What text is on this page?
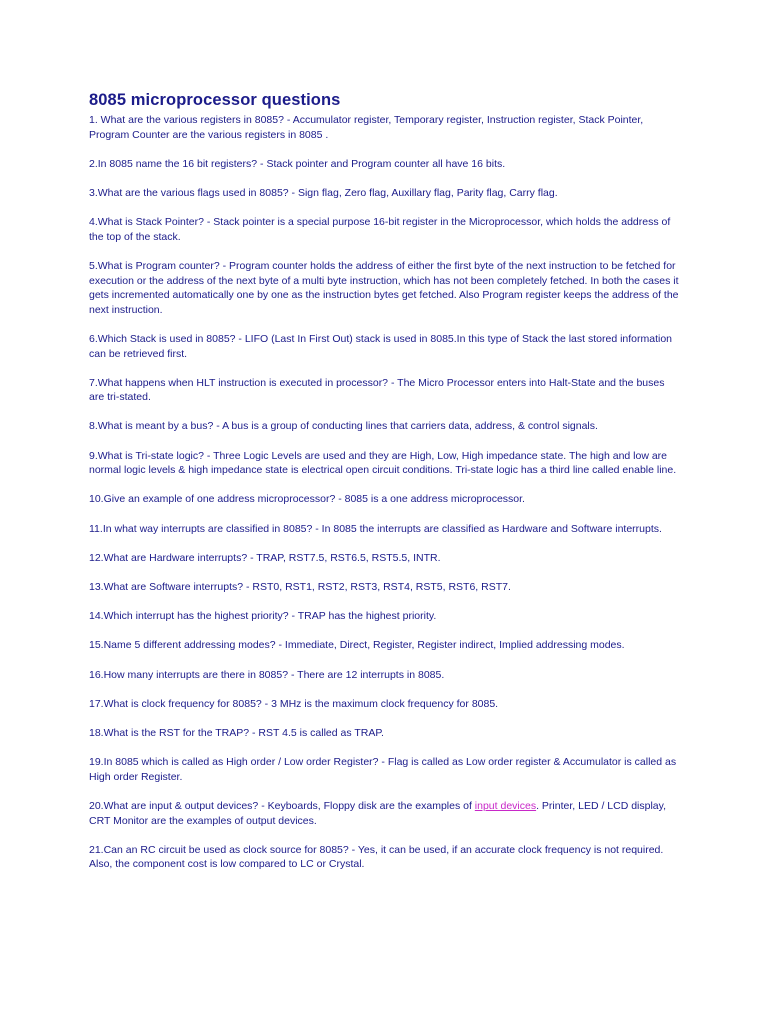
8085 microprocessor questions

1. What are the various registers in 8085? - Accumulator register, Temporary register, Instruction register, Stack Pointer, Program Counter are the various registers in 8085 .

2.In 8085 name the 16 bit registers? - Stack pointer and Program counter all have 16 bits.

3.What are the various flags used in 8085? - Sign flag, Zero flag, Auxillary flag, Parity flag, Carry flag.

4.What is Stack Pointer? - Stack pointer is a special purpose 16-bit register in the Microprocessor, which holds the address of the top of the stack.

5.What is Program counter? - Program counter holds the address of either the first byte of the next instruction to be fetched for execution or the address of the next byte of a multi byte instruction, which has not been completely fetched. In both the cases it gets incremented automatically one by one as the instruction bytes get fetched. Also Program register keeps the address of the next instruction.

6.Which Stack is used in 8085? - LIFO (Last In First Out) stack is used in 8085.In this type of Stack the last stored information can be retrieved first.

7.What happens when HLT instruction is executed in processor? - The Micro Processor enters into Halt-State and the buses are tri-stated.

8.What is meant by a bus? - A bus is a group of conducting lines that carriers data, address, & control signals.

9.What is Tri-state logic? - Three Logic Levels are used and they are High, Low, High impedance state. The high and low are normal logic levels & high impedance state is electrical open circuit conditions. Tri-state logic has a third line called enable line.

10.Give an example of one address microprocessor? - 8085 is a one address microprocessor.

11.In what way interrupts are classified in 8085? - In 8085 the interrupts are classified as Hardware and Software interrupts.

12.What are Hardware interrupts? - TRAP, RST7.5, RST6.5, RST5.5, INTR.

13.What are Software interrupts? - RST0, RST1, RST2, RST3, RST4, RST5, RST6, RST7.

14.Which interrupt has the highest priority? - TRAP has the highest priority.

15.Name 5 different addressing modes? - Immediate, Direct, Register, Register indirect, Implied addressing modes.

16.How many interrupts are there in 8085? - There are 12 interrupts in 8085.

17.What is clock frequency for 8085? - 3 MHz is the maximum clock frequency for 8085.

18.What is the RST for the TRAP? - RST 4.5 is called as TRAP.

19.In 8085 which is called as High order / Low order Register? - Flag is called as Low order register & Accumulator is called as High order Register.

20.What are input & output devices? - Keyboards, Floppy disk are the examples of input devices. Printer, LED / LCD display, CRT Monitor are the examples of output devices.

21.Can an RC circuit be used as clock source for 8085? - Yes, it can be used, if an accurate clock frequency is not required. Also, the component cost is low compared to LC or Crystal.
